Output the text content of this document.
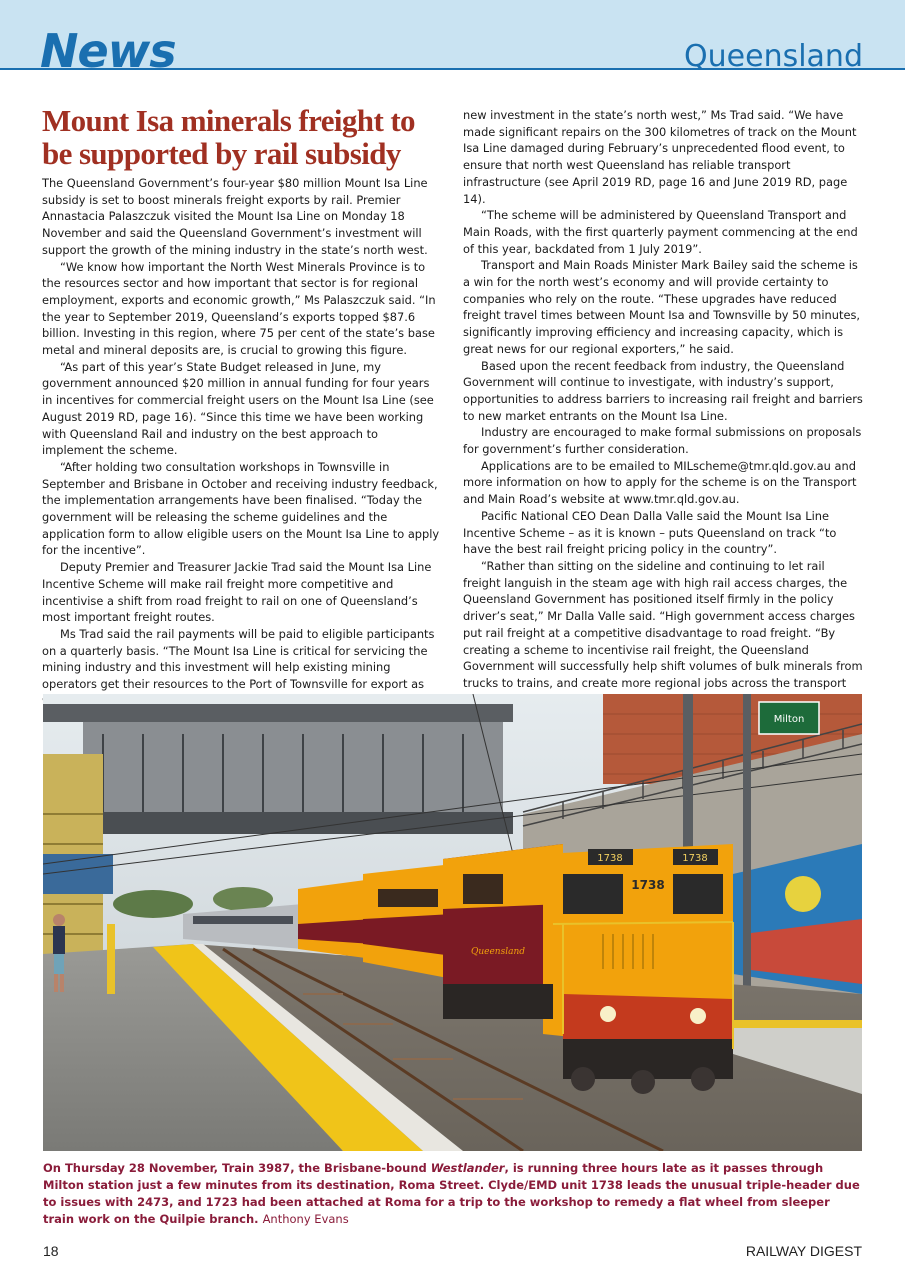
News	Queensland
Mount Isa minerals freight to be supported by rail subsidy

The Queensland Government’s four-year $80 million Mount Isa Line subsidy is set to boost minerals freight exports by rail. Premier Annastacia Palaszczuk visited the Mount Isa Line on Monday 18 November and said the Queensland Government’s investment will support the growth of the mining industry in the state’s north west.

“We know how important the North West Minerals Province is to the resources sector and how important that sector is for regional employment, exports and economic growth,” Ms Palaszczuk said. “In the year to September 2019, Queensland’s exports topped $87.6 billion. Investing in this region, where 75 per cent of the state’s base metal and mineral deposits are, is crucial to growing this figure.

“As part of this year’s State Budget released in June, my government announced $20 million in annual funding for four years in incentives for commercial freight users on the Mount Isa Line (see August 2019 RD, page 16). “Since this time we have been working with Queensland Rail and industry on the best approach to implement the scheme.

“After holding two consultation workshops in Townsville in September and Brisbane in October and receiving industry feedback, the implementation arrangements have been finalised. “Today the government will be releasing the scheme guidelines and the application form to allow eligible users on the Mount Isa Line to apply for the incentive”.

Deputy Premier and Treasurer Jackie Trad said the Mount Isa Line Incentive Scheme will make rail freight more competitive and incentivise a shift from road freight to rail on one of Queensland’s most important freight routes.

Ms Trad said the rail payments will be paid to eligible participants on a quarterly basis. “The Mount Isa Line is critical for servicing the mining industry and this investment will help existing mining operators get their resources to the Port of Townsville for export as

new investment in the state’s north west,” Ms Trad said. “We have made significant repairs on the 300 kilometres of track on the Mount Isa Line damaged during February’s unprecedented flood event, to ensure that north west Queensland has reliable transport infrastructure (see April 2019 RD, page 16 and June 2019 RD, page 14).

“The scheme will be administered by Queensland Transport and Main Roads, with the first quarterly payment commencing at the end of this year, backdated from 1 July 2019”.

Transport and Main Roads Minister Mark Bailey said the scheme is a win for the north west’s economy and will provide certainty to companies who rely on the route. “These upgrades have reduced freight travel times between Mount Isa and Townsville by 50 minutes, significantly improving efficiency and increasing capacity, which is great news for our regional exporters,” he said.

Based upon the recent feedback from industry, the Queensland Government will continue to investigate, with industry’s support, opportunities to address barriers to increasing rail freight and barriers to new market entrants on the Mount Isa Line.

Industry are encouraged to make formal submissions on proposals for government’s further consideration.

Applications are to be emailed to MILscheme@tmr.qld.gov.au and more information on how to apply for the scheme is on the Transport and Main Road’s website at www.tmr.qld.gov.au.

Pacific National CEO Dean Dalla Valle said the Mount Isa Line Incentive Scheme – as it is known – puts Queensland on track “to have the best rail freight pricing policy in the country”.

“Rather than sitting on the sideline and continuing to let rail freight languish in the steam age with high rail access charges, the Queensland Government has positioned itself firmly in the policy driver’s seat,” Mr Dalla Valle said. “High government access charges put rail freight at a competitive disadvantage to road freight. “By creating a scheme to incentivise rail freight, the Queensland Government will successfully help shift volumes of bulk minerals from trucks to trains, and create more regional jobs across the transport

Milton
1738	1738
1738
Queensland
On Thursday 28 November, Train 3987, the Brisbane-bound Westlander, is running three hours late as it passes through Milton station just a few minutes from its destination, Roma Street. Clyde/EMD unit 1738 leads the unusual triple-header due to issues with 2473, and 1723 had been attached at Roma for a trip to the workshop to remedy a flat wheel from sleeper train work on the Quilpie branch. Anthony Evans
18	RAILWAY DIGEST
